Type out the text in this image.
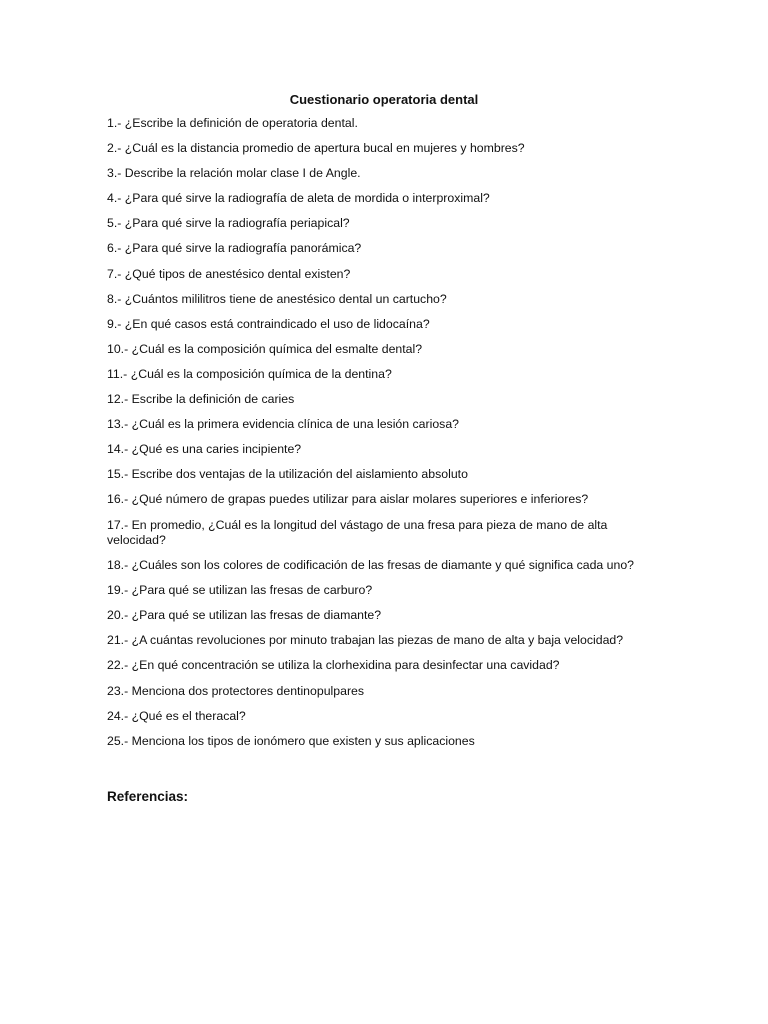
Cuestionario operatoria dental
1.- ¿Escribe la definición de operatoria dental.
2.- ¿Cuál es la distancia promedio de apertura bucal en mujeres y hombres?
3.- Describe la relación molar clase I de Angle.
4.- ¿Para qué sirve la radiografía de aleta de mordida o interproximal?
5.- ¿Para qué sirve la radiografía periapical?
6.- ¿Para qué sirve la radiografía panorámica?
7.- ¿Qué tipos de anestésico dental existen?
8.- ¿Cuántos mililitros tiene de anestésico dental un cartucho?
9.- ¿En qué casos está contraindicado el uso de lidocaína?
10.- ¿Cuál es la composición química del esmalte dental?
11.- ¿Cuál es la composición química de la dentina?
12.- Escribe la definición de caries
13.- ¿Cuál es la primera evidencia clínica de una lesión cariosa?
14.- ¿Qué es una caries incipiente?
15.- Escribe dos ventajas de la utilización del aislamiento absoluto
16.- ¿Qué número de grapas puedes utilizar para aislar molares superiores e inferiores?
17.- En promedio, ¿Cuál es la longitud del vástago de una fresa para pieza de mano de alta velocidad?
18.- ¿Cuáles son los colores de codificación de las fresas de diamante y qué significa cada uno?
19.- ¿Para qué se utilizan las fresas de carburo?
20.- ¿Para qué se utilizan las fresas de diamante?
21.- ¿A cuántas revoluciones por minuto trabajan las piezas de mano de alta y baja velocidad?
22.- ¿En qué concentración se utiliza la clorhexidina para desinfectar una cavidad?
23.- Menciona dos protectores dentinopulpares
24.- ¿Qué es el theracal?
25.- Menciona los tipos de ionómero que existen y sus aplicaciones
Referencias:
